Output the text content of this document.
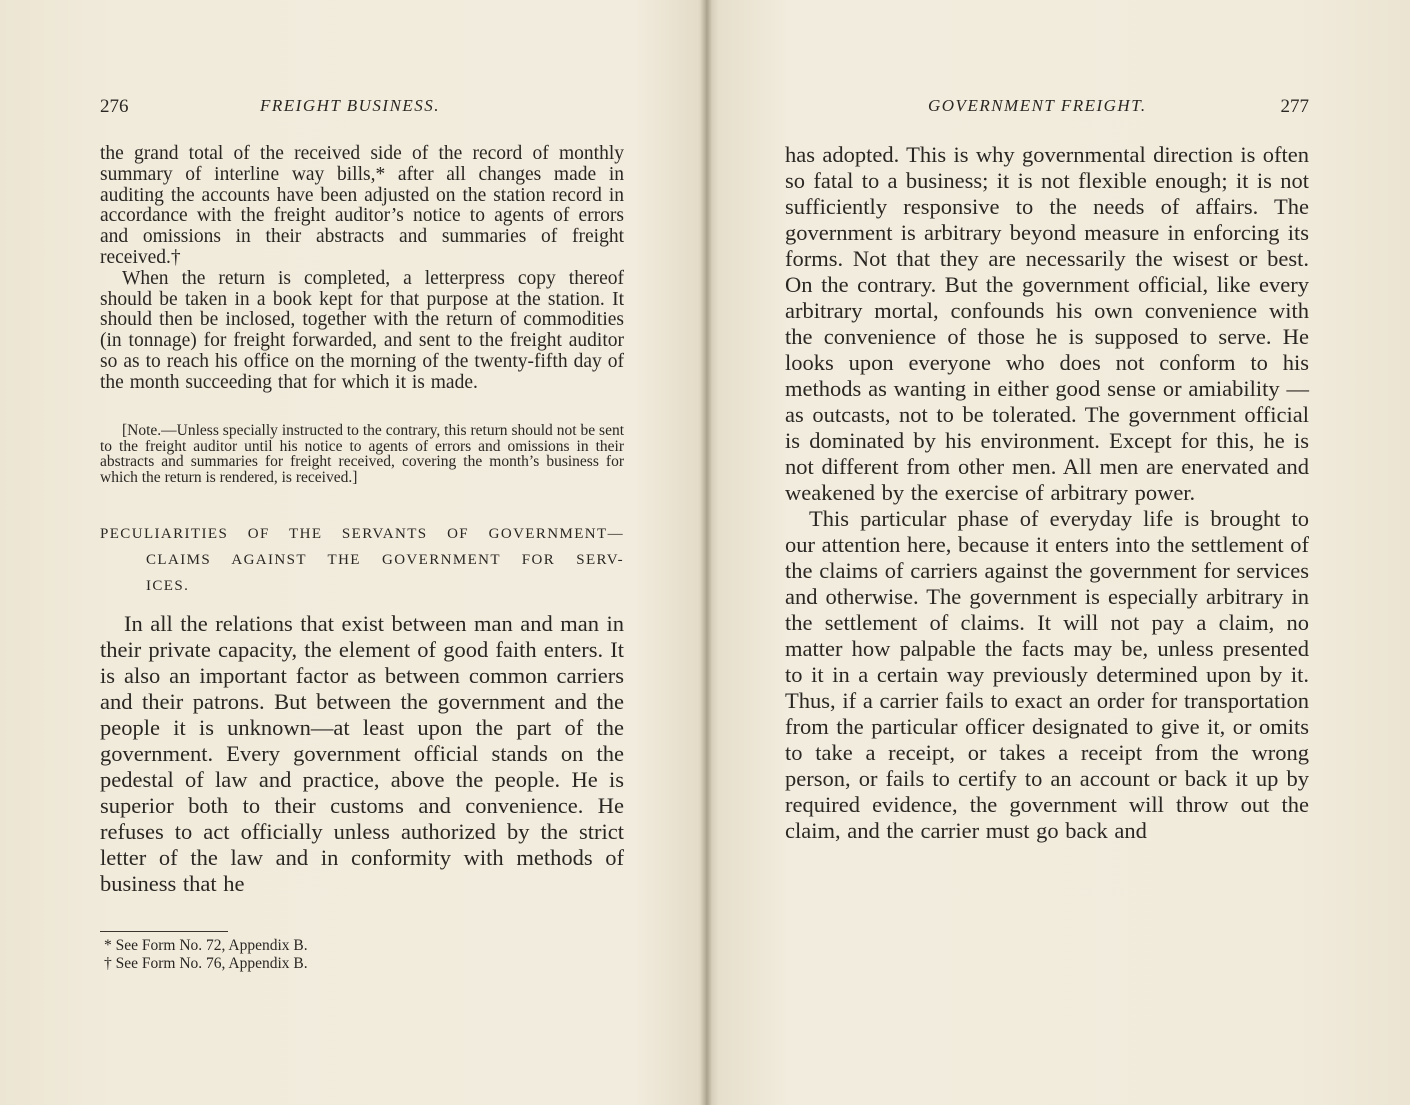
276	FREIGHT BUSINESS.

the grand total of the received side of the record of monthly summary of interline way bills,* after all changes made in auditing the accounts have been adjusted on the station record in accordance with the freight auditor’s notice to agents of errors and omissions in their abstracts and summaries of freight received.†

When the return is completed, a letterpress copy thereof should be taken in a book kept for that purpose at the station. It should then be inclosed, together with the return of commodities (in tonnage) for freight forwarded, and sent to the freight auditor so as to reach his office on the morning of the twenty-fifth day of the month succeeding that for which it is made.

[Note.—Unless specially instructed to the contrary, this return should not be sent to the freight auditor until his notice to agents of errors and omissions in their abstracts and summaries for freight received, covering the month’s business for which the return is rendered, is received.]

PECULIARITIES OF THE SERVANTS OF GOVERNMENT—
CLAIMS AGAINST THE GOVERNMENT FOR SERV-
ICES.

In all the relations that exist between man and man in their private capacity, the element of good faith enters. It is also an important factor as between common carriers and their patrons. But between the government and the people it is unknown—at least upon the part of the government. Every government official stands on the pedestal of law and practice, above the people. He is superior both to their customs and convenience. He refuses to act officially unless authorized by the strict letter of the law and in conformity with methods of business that he

* See Form No. 72, Appendix B.
† See Form No. 76, Appendix B.
GOVERNMENT FREIGHT.	277

has adopted. This is why governmental direction is often so fatal to a business; it is not flexible enough; it is not sufficiently responsive to the needs of affairs. The government is arbitrary beyond measure in enforcing its forms. Not that they are necessarily the wisest or best. On the contrary. But the government official, like every arbitrary mortal, confounds his own convenience with the convenience of those he is supposed to serve. He looks upon everyone who does not conform to his methods as wanting in either good sense or amiability — as outcasts, not to be tolerated. The government official is dominated by his environment. Except for this, he is not different from other men. All men are enervated and weakened by the exercise of arbitrary power.

This particular phase of everyday life is brought to our attention here, because it enters into the settlement of the claims of carriers against the government for services and otherwise. The government is especially arbitrary in the settlement of claims. It will not pay a claim, no matter how palpable the facts may be, unless presented to it in a certain way previously determined upon by it. Thus, if a carrier fails to exact an order for transportation from the particular officer designated to give it, or omits to take a receipt, or takes a receipt from the wrong person, or fails to certify to an account or back it up by required evidence, the government will throw out the claim, and the carrier must go back and
